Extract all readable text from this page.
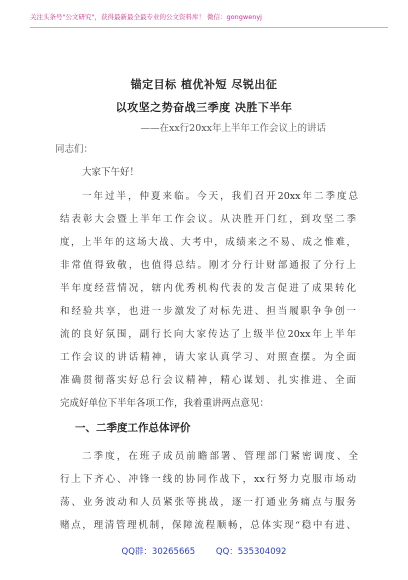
关注头条号"公文研究"，获得最新最全最专业的公文资料库！ 微信：gongwenyj
锚定目标 植优补短 尽锐出征
以攻坚之势奋战三季度 决胜下半年
——在xx行20xx年上半年工作会议上的讲话
同志们：
大家下午好！
一年过半，仲夏来临。今天，我们召开20xx年二季度总
结表彰大会暨上半年工作会议。从决胜开门红，到攻坚二季
度，上半年的这场大战、大考中，成绩来之不易、成之惟难，
非常值得致敬，也值得总结。刚才分行计财部通报了分行上
半年度经营情况，辖内优秀机构代表的发言促进了成果转化
和经验共享，也进一步激发了对标先进、担当履职争争创一
流的良好氛围，副行长向大家传达了上级半位20xx年上半年
工作会议的讲话精神，请大家认真学习、对照查摆。为全面
准确贯彻落实好总行会议精神，精心谋划、扎实推进、全面
完成好单位下半年各项工作，我着重讲两点意见：
一、二季度工作总体评价
二季度，在班子成员前瞻部署、管理部门紧密调度、全
行上下齐心、冲锋一线的协同作战下，xx行努力克服市场动
荡、业务波动和人员紧张等挑战，逐一打通业务痛点与服务
赌点，理清管理机制，保障流程顺畅，总体实现“稳中有进、
QQ群：30265665 QQ：535304092
